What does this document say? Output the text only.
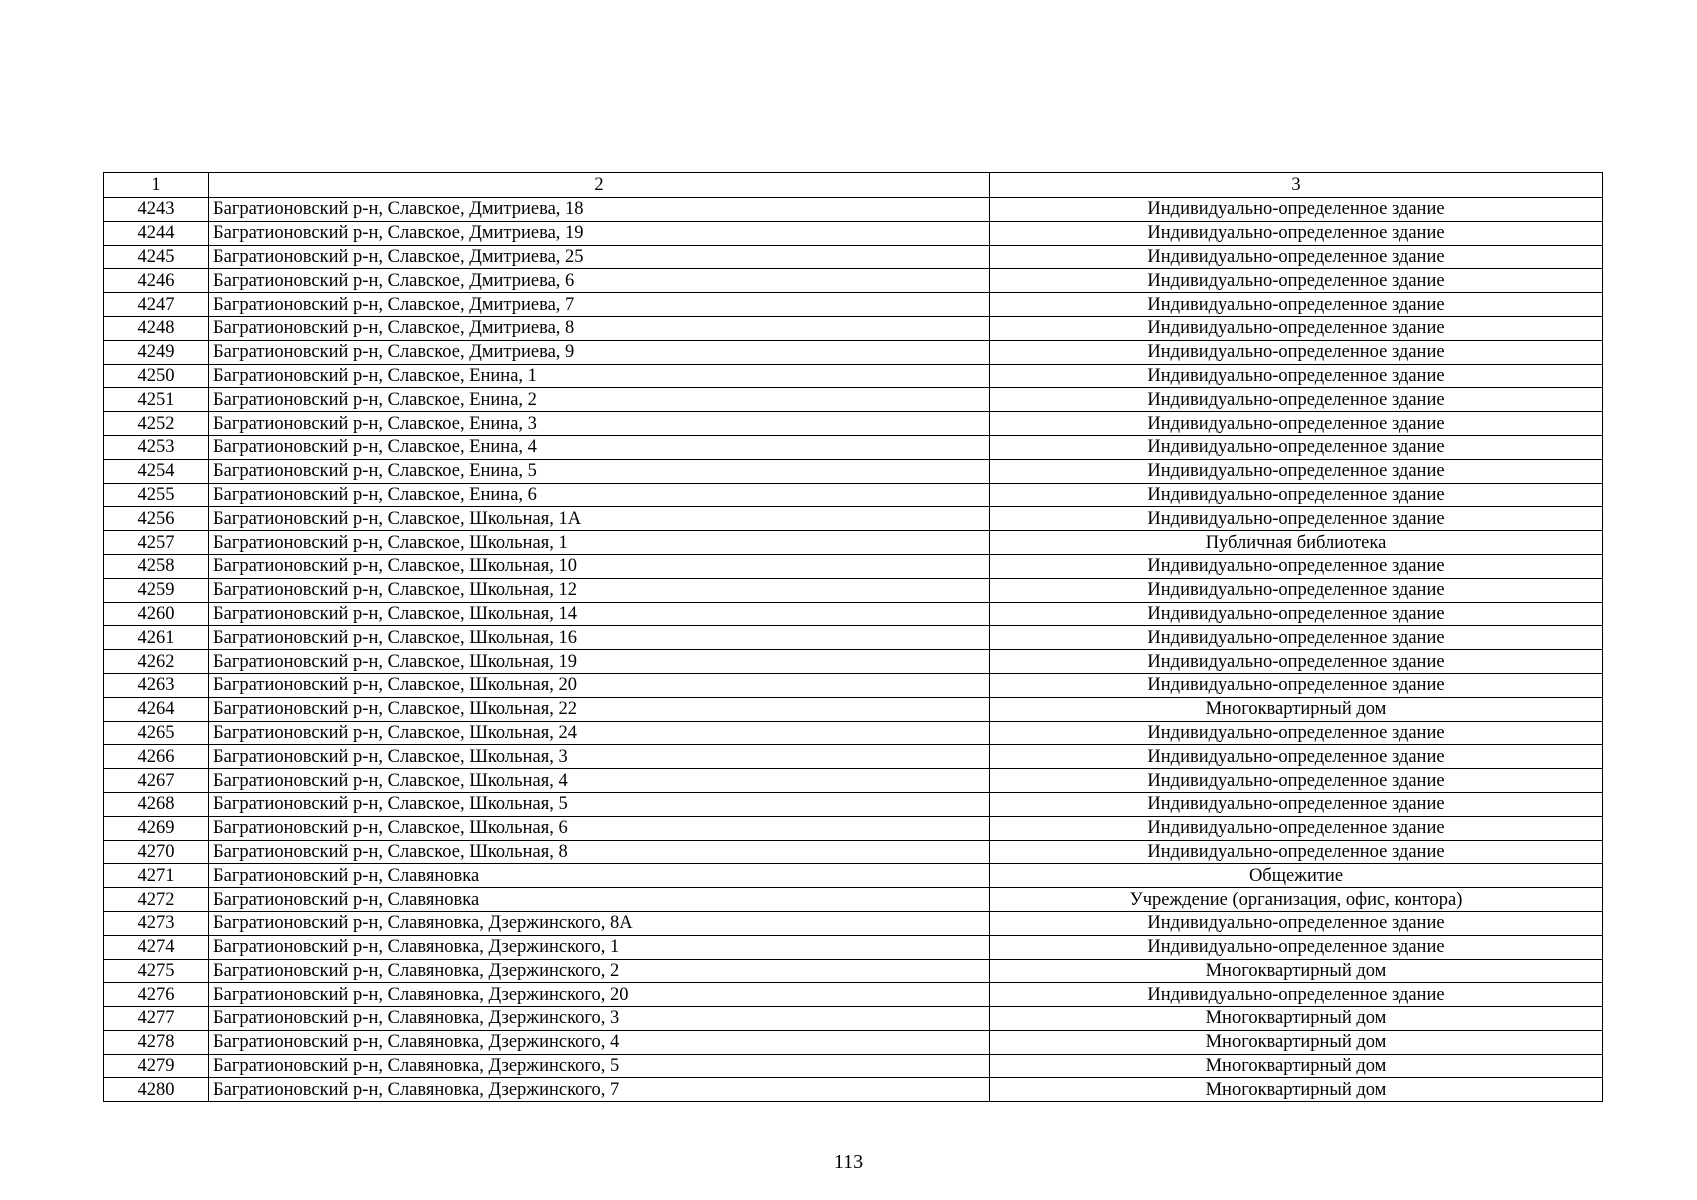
1	2	3
4243	Багратионовский р-н, Славское, Дмитриева, 18	Индивидуально-определенное здание
4244	Багратионовский р-н, Славское, Дмитриева, 19	Индивидуально-определенное здание
4245	Багратионовский р-н, Славское, Дмитриева, 25	Индивидуально-определенное здание
4246	Багратионовский р-н, Славское, Дмитриева, 6	Индивидуально-определенное здание
4247	Багратионовский р-н, Славское, Дмитриева, 7	Индивидуально-определенное здание
4248	Багратионовский р-н, Славское, Дмитриева, 8	Индивидуально-определенное здание
4249	Багратионовский р-н, Славское, Дмитриева, 9	Индивидуально-определенное здание
4250	Багратионовский р-н, Славское, Енина, 1	Индивидуально-определенное здание
4251	Багратионовский р-н, Славское, Енина, 2	Индивидуально-определенное здание
4252	Багратионовский р-н, Славское, Енина, 3	Индивидуально-определенное здание
4253	Багратионовский р-н, Славское, Енина, 4	Индивидуально-определенное здание
4254	Багратионовский р-н, Славское, Енина, 5	Индивидуально-определенное здание
4255	Багратионовский р-н, Славское, Енина, 6	Индивидуально-определенное здание
4256	Багратионовский р-н, Славское, Школьная, 1А	Индивидуально-определенное здание
4257	Багратионовский р-н, Славское, Школьная, 1	Публичная библиотека
4258	Багратионовский р-н, Славское, Школьная, 10	Индивидуально-определенное здание
4259	Багратионовский р-н, Славское, Школьная, 12	Индивидуально-определенное здание
4260	Багратионовский р-н, Славское, Школьная, 14	Индивидуально-определенное здание
4261	Багратионовский р-н, Славское, Школьная, 16	Индивидуально-определенное здание
4262	Багратионовский р-н, Славское, Школьная, 19	Индивидуально-определенное здание
4263	Багратионовский р-н, Славское, Школьная, 20	Индивидуально-определенное здание
4264	Багратионовский р-н, Славское, Школьная, 22	Многоквартирный дом
4265	Багратионовский р-н, Славское, Школьная, 24	Индивидуально-определенное здание
4266	Багратионовский р-н, Славское, Школьная, 3	Индивидуально-определенное здание
4267	Багратионовский р-н, Славское, Школьная, 4	Индивидуально-определенное здание
4268	Багратионовский р-н, Славское, Школьная, 5	Индивидуально-определенное здание
4269	Багратионовский р-н, Славское, Школьная, 6	Индивидуально-определенное здание
4270	Багратионовский р-н, Славское, Школьная, 8	Индивидуально-определенное здание
4271	Багратионовский р-н, Славяновка	Общежитие
4272	Багратионовский р-н, Славяновка	Учреждение (организация, офис, контора)
4273	Багратионовский р-н, Славяновка, Дзержинского, 8А	Индивидуально-определенное здание
4274	Багратионовский р-н, Славяновка, Дзержинского, 1	Индивидуально-определенное здание
4275	Багратионовский р-н, Славяновка, Дзержинского, 2	Многоквартирный дом
4276	Багратионовский р-н, Славяновка, Дзержинского, 20	Индивидуально-определенное здание
4277	Багратионовский р-н, Славяновка, Дзержинского, 3	Многоквартирный дом
4278	Багратионовский р-н, Славяновка, Дзержинского, 4	Многоквартирный дом
4279	Багратионовский р-н, Славяновка, Дзержинского, 5	Многоквартирный дом
4280	Багратионовский р-н, Славяновка, Дзержинского, 7	Многоквартирный дом
113
